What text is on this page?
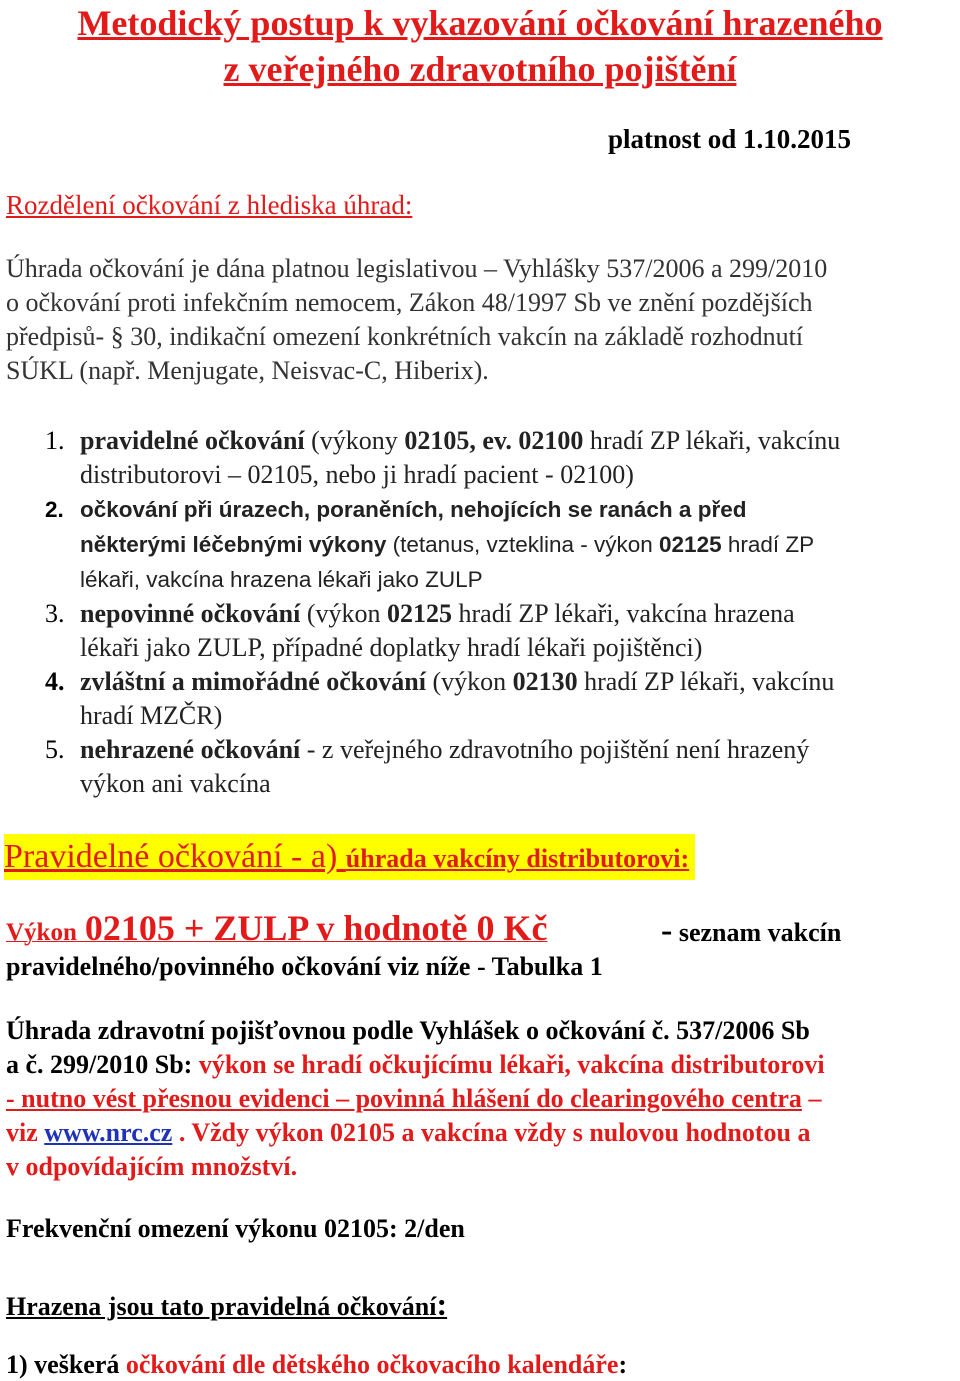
Metodický postup k vykazování očkování hrazeného
z veřejného zdravotního pojištění
platnost od 1.10.2015
Rozdělení očkování z hlediska úhrad:
Úhrada očkování je dána platnou legislativou – Vyhlášky 537/2006 a 299/2010
o očkování proti infekčním nemocem, Zákon 48/1997 Sb ve znění pozdějších
předpisů- § 30, indikační omezení konkrétních vakcín na základě rozhodnutí
SÚKL (např. Menjugate, Neisvac-C, Hiberix).
1. pravidelné očkování (výkony 02105, ev. 02100 hradí ZP lékaři, vakcínu
distributorovi – 02105, nebo ji hradí pacient - 02100)
2. očkování při úrazech, poraněních, nehojících se ranách a před
některými léčebnými výkony (tetanus, vzteklina - výkon 02125 hradí ZP
lékaři, vakcína hrazena lékaři jako ZULP
3. nepovinné očkování (výkon 02125 hradí ZP lékaři, vakcína hrazena
lékaři jako ZULP, případné doplatky hradí lékaři pojištěnci)
4. zvláštní a mimořádné očkování (výkon 02130 hradí ZP lékaři, vakcínu
hradí MZČR)
5. nehrazené očkování - z veřejného zdravotního pojištění není hrazený
výkon ani vakcína
Pravidelné očkování - a) úhrada vakcíny distributorovi:
Výkon 02105 + ZULP v hodnotě 0 Kč	- seznam vakcín
pravidelného/povinného očkování viz níže - Tabulka 1
Úhrada zdravotní pojišťovnou podle Vyhlášek o očkování č. 537/2006 Sb
a č. 299/2010 Sb: výkon se hradí očkujícímu lékaři, vakcína distributorovi
- nutno vést přesnou evidenci – povinná hlášení do clearingového centra –
viz www.nrc.cz . Vždy výkon 02105 a vakcína vždy s nulovou hodnotou a
v odpovídajícím množství.
Frekvenční omezení výkonu 02105: 2/den
Hrazena jsou tato pravidelná očkování:
1) veškerá očkování dle dětského očkovacího kalendáře:
